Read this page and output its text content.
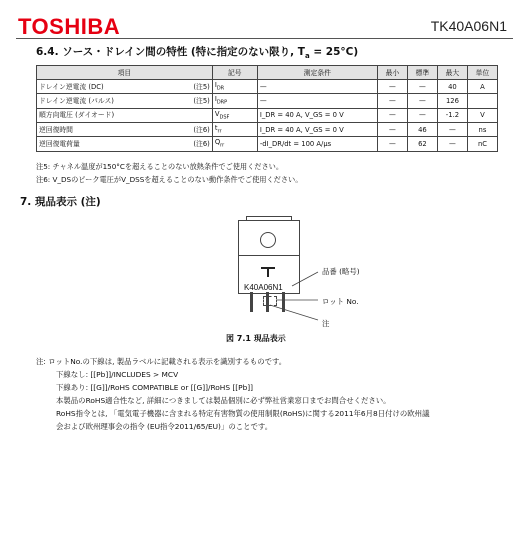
TOSHIBA	TK40A06N1
6.4. ソース・ドレイン間の特性 (特に指定のない限り, $T_a = 25^\circ C$)
項目	記号	測定条件	最小	標準	最大	単位
ドレイン逆電流 (DC) (注5)	$I_{DR}$	—	—	—	40	A
ドレイン逆電流 (パルス) (注5)	$I_{DRP}$	—	—	—	126	
順方向電圧 (ダイオード)	$V_{DSF}$	I_DR = 40 A, V_GS = 0 V	—	—	-1.2	V
逆回復時間 (注6)	$t_{rr}$	I_DR = 40 A, V_GS = 0 V	—	46	—	ns
逆回復電荷量 (注6)	$Q_{rr}$	-dI_DR/dt = 100 A/μs	—	62	—	nC
注5: チャネル温度が150°Cを超えることのない放熱条件でご使用ください。
注6: V_DSのピーク電圧がV_DSSを超えることのない動作条件でご使用ください。
7. 現品表示 (注)
K40A06N1
品番 (略号)
ロット No.
注
図 7.1 現品表示
注: ロットNo.の下線は, 製品ラベルに記載される表示を識別するものです。
下線なし: [[Pb]]/INCLUDES > MCV
下線あり: [[G]]/RoHS COMPATIBLE or [[G]]/RoHS [[Pb]]
本製品のRoHS適合性など, 詳細につきましては製品個別に必ず弊社営業窓口までお問合せください。
RoHS指令とは, 「電気電子機器に含まれる特定有害物質の使用制限(RoHS)に関する2011年6月8日付けの欧州議
会および欧州理事会の指令 (EU指令2011/65/EU)」のことです。
